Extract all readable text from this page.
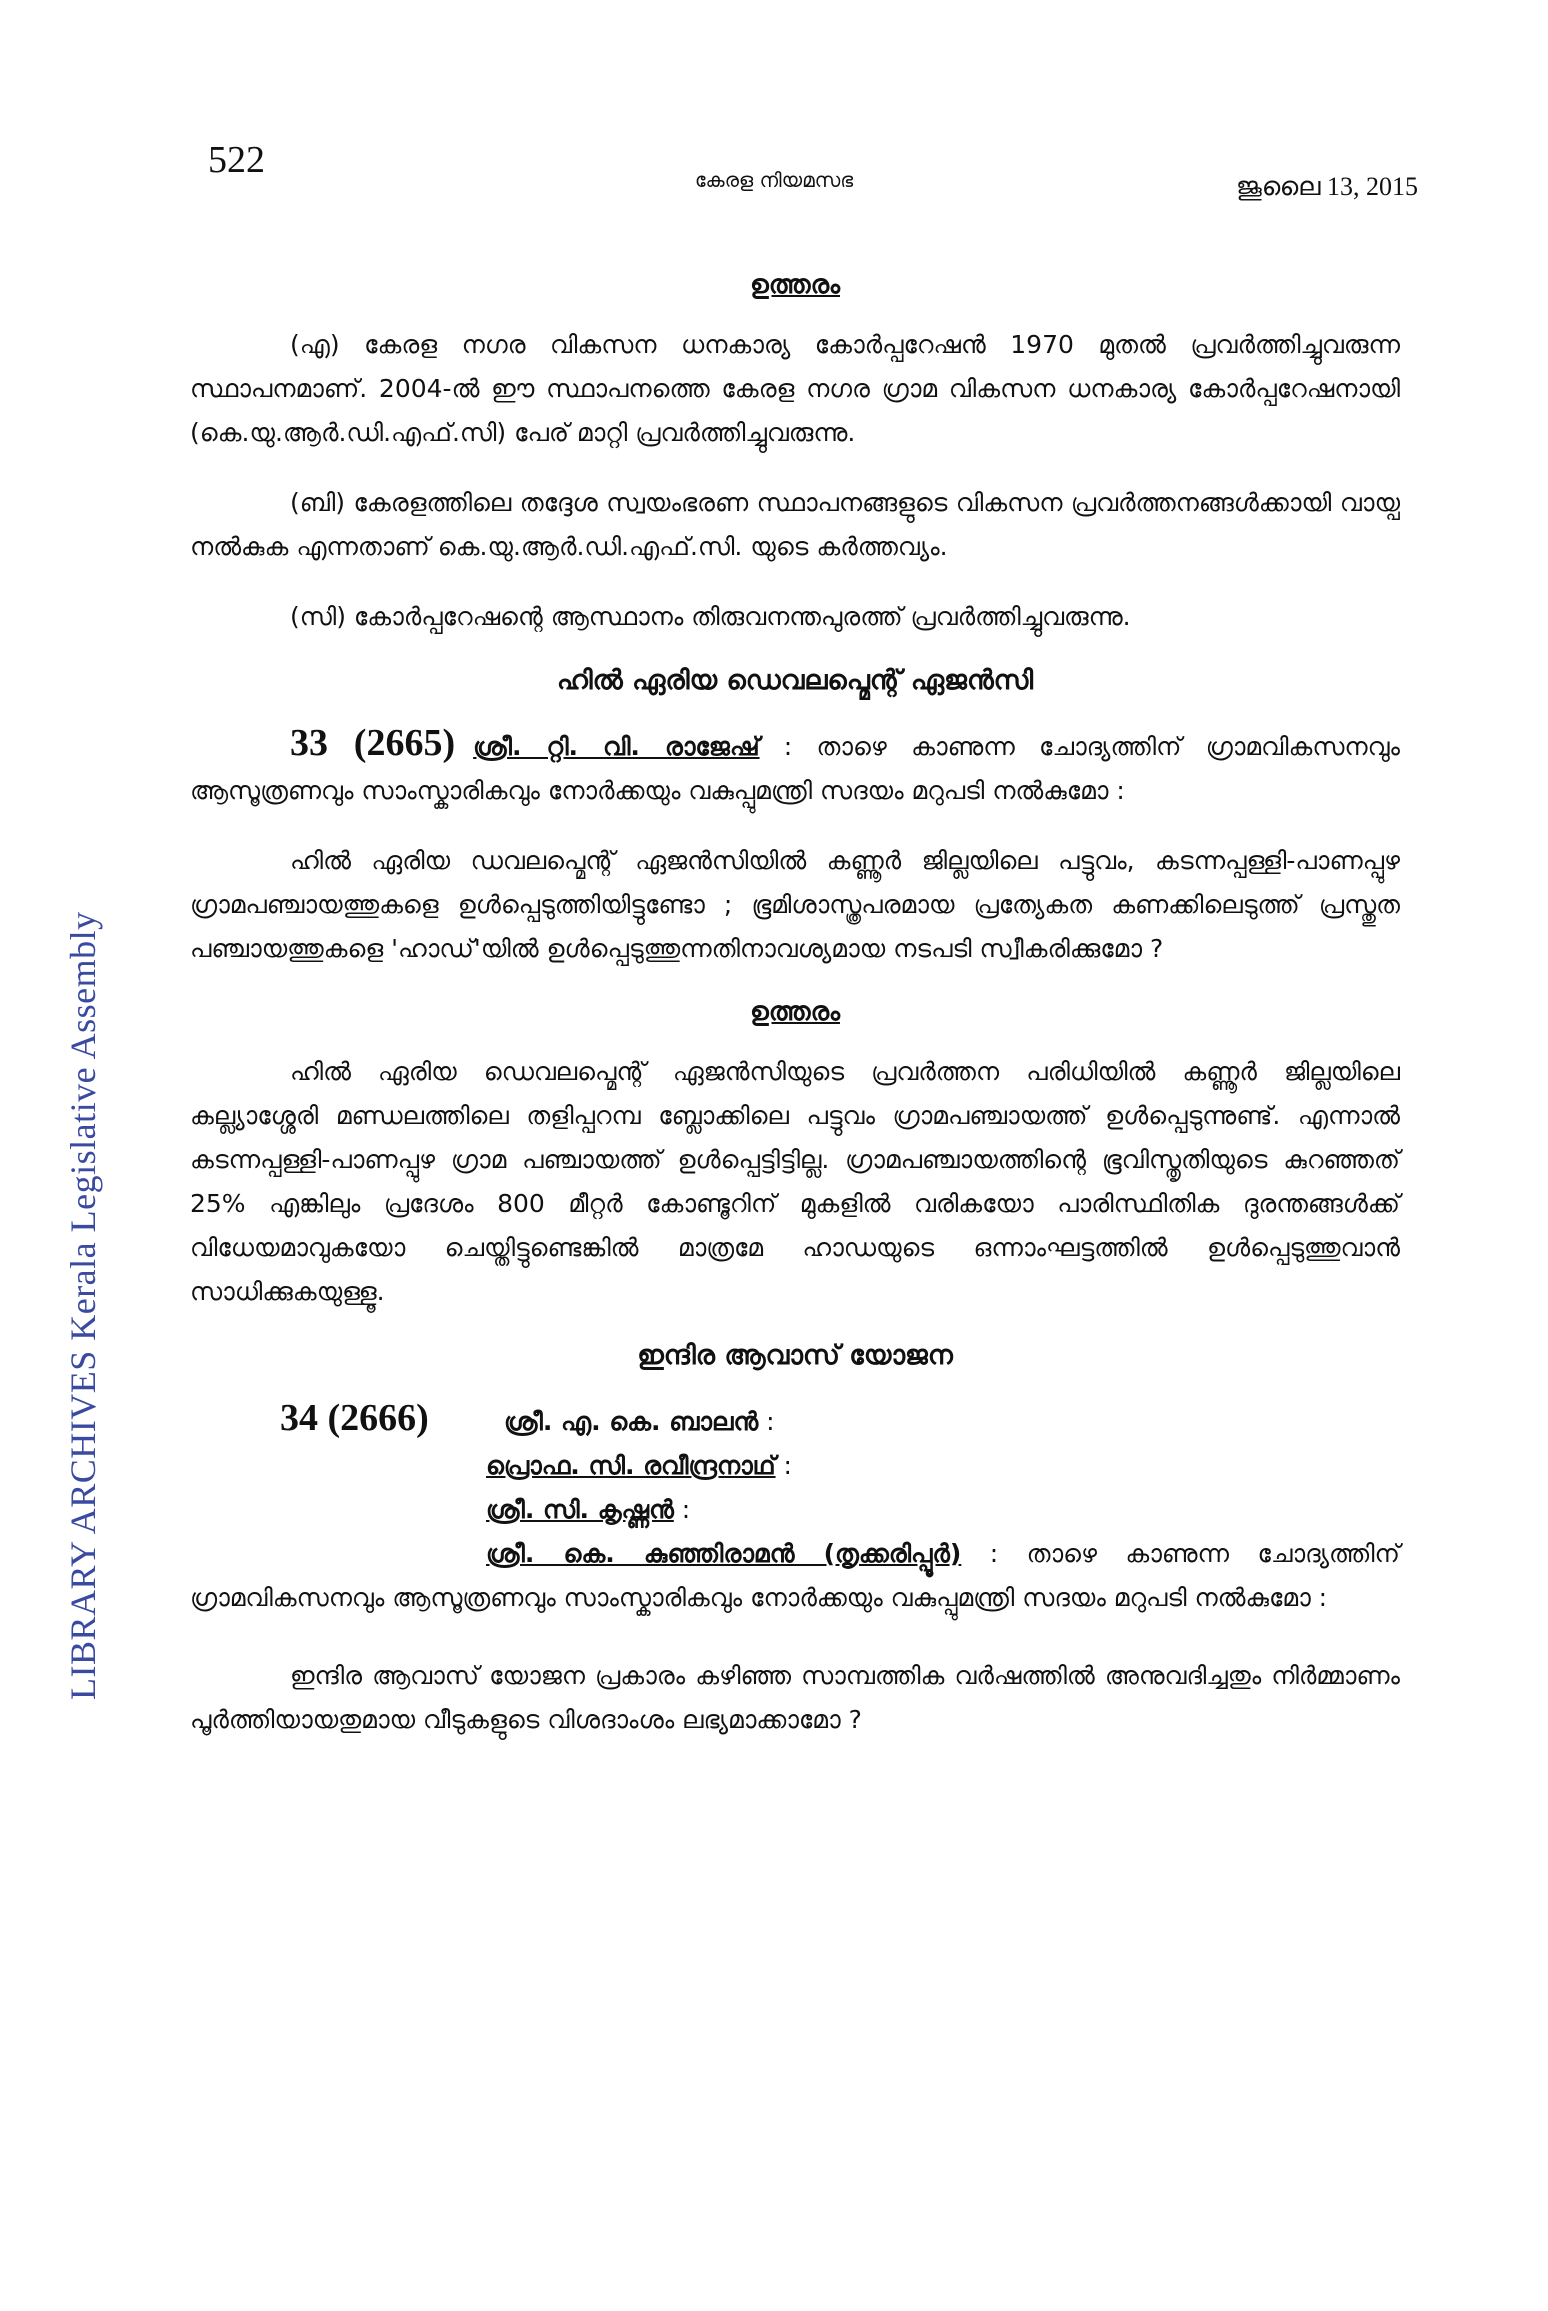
LIBRARY ARCHIVES Kerala Legislative Assembly
522	കേരള നിയമസഭ	ജൂലൈ 13, 2015
ഉത്തരം

(എ) കേരള നഗര വികസന ധനകാര്യ കോർപ്പറേഷൻ 1970 മുതൽ പ്രവർത്തിച്ചുവരുന്ന സ്ഥാപനമാണ്. 2004-ൽ ഈ സ്ഥാപനത്തെ കേരള നഗര ഗ്രാമ വികസന ധനകാര്യ കോർപ്പറേഷനായി (കെ.യു.ആർ.ഡി.എഫ്.സി) പേര് മാറ്റി പ്രവർത്തിച്ചുവരുന്നു.

(ബി) കേരളത്തിലെ തദ്ദേശ സ്വയംഭരണ സ്ഥാപനങ്ങളുടെ വികസന പ്രവർത്തനങ്ങൾക്കായി വായ്പ നൽകുക എന്നതാണ് കെ.യു.ആർ.ഡി.എഫ്.സി. യുടെ കർത്തവ്യം.

(സി) കോർപ്പറേഷന്റെ ആസ്ഥാനം തിരുവനന്തപുരത്ത് പ്രവർത്തിച്ചുവരുന്നു.

ഹിൽ ഏരിയ ഡെവലപ്മെന്റ് ഏജൻസി

33 (2665) ശ്രീ. റ്റി. വി. രാജേഷ് : താഴെ കാണുന്ന ചോദ്യത്തിന് ഗ്രാമവികസനവും ആസൂത്രണവും സാംസ്കാരികവും നോർക്കയും വകുപ്പുമന്ത്രി സദയം മറുപടി നൽകുമോ :

ഹിൽ ഏരിയ ഡവലപ്മെന്റ് ഏജൻസിയിൽ കണ്ണൂർ ജില്ലയിലെ പട്ടുവം, കടന്നപ്പള്ളി-പാണപ്പുഴ ഗ്രാമപഞ്ചായത്തുകളെ ഉൾപ്പെടുത്തിയിട്ടുണ്ടോ ; ഭൂമിശാസ്ത്രപരമായ പ്രത്യേകത കണക്കിലെടുത്ത് പ്രസ്തുത പഞ്ചായത്തുകളെ 'ഹാഡ്'യിൽ ഉൾപ്പെടുത്തുന്നതിനാവശ്യമായ നടപടി സ്വീകരിക്കുമോ ?

ഉത്തരം

ഹിൽ ഏരിയ ഡെവലപ്മെന്റ് ഏജൻസിയുടെ പ്രവർത്തന പരിധിയിൽ കണ്ണൂർ ജില്ലയിലെ കല്ല്യാശ്ശേരി മണ്ഡലത്തിലെ തളിപ്പറമ്പ ബ്ലോക്കിലെ പട്ടുവം ഗ്രാമപഞ്ചായത്ത് ഉൾപ്പെടുന്നുണ്ട്. എന്നാൽ കടന്നപ്പള്ളി-പാണപ്പുഴ ഗ്രാമ പഞ്ചായത്ത് ഉൾപ്പെട്ടിട്ടില്ല. ഗ്രാമപഞ്ചായത്തിന്റെ ഭൂവിസ്തൃതിയുടെ കുറഞ്ഞത് 25% എങ്കിലും പ്രദേശം 800 മീറ്റർ കോണ്ടൂറിന് മുകളിൽ വരികയോ പാരിസ്ഥിതിക ദുരന്തങ്ങൾക്ക് വിധേയമാവുകയോ ചെയ്തിട്ടുണ്ടെങ്കിൽ മാത്രമേ ഹാഡയുടെ ഒന്നാംഘട്ടത്തിൽ ഉൾപ്പെടുത്തുവാൻ സാധിക്കുകയുള്ളൂ.

ഇന്ദിര ആവാസ് യോജന
34 (2666)	ശ്രീ. എ. കെ. ബാലൻ :
പ്രൊഫ. സി. രവീന്ദ്രനാഥ് :
ശ്രീ. സി. കൃഷ്ണൻ :

ശ്രീ. കെ. കുഞ്ഞിരാമൻ (തൃക്കരിപ്പൂർ) : താഴെ കാണുന്ന ചോദ്യത്തിന് ഗ്രാമവികസനവും ആസൂത്രണവും സാംസ്കാരികവും നോർക്കയും വകുപ്പുമന്ത്രി സദയം മറുപടി നൽകുമോ :

ഇന്ദിര ആവാസ് യോജന പ്രകാരം കഴിഞ്ഞ സാമ്പത്തിക വർഷത്തിൽ അനുവദിച്ചതും നിർമ്മാണം പൂർത്തിയായതുമായ വീടുകളുടെ വിശദാംശം ലഭ്യമാക്കാമോ ?
